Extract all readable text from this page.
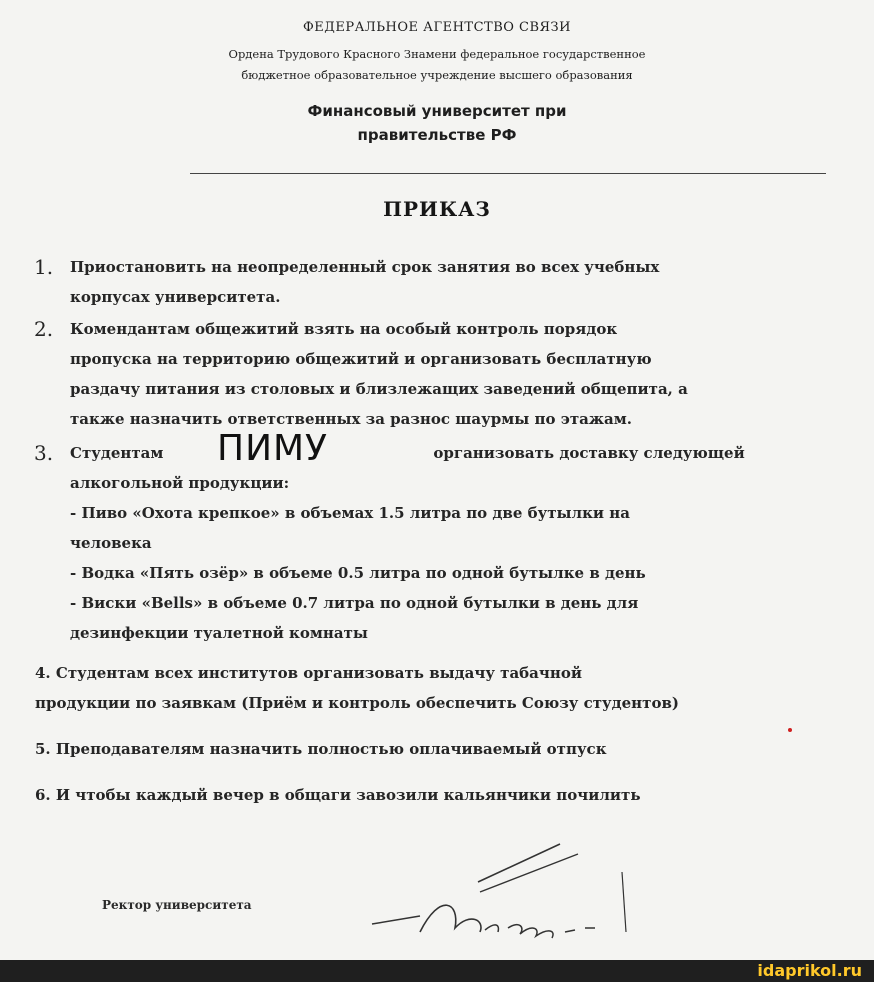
ФЕДЕРАЛЬНОЕ АГЕНТСТВО СВЯЗИ
Ордена Трудового Красного Знамени федеральное государственное
бюджетное образовательное учреждение высшего образования
Финансовый университет при
правительстве РФ
ПРИКАЗ
1. Приостановить на неопределенный срок занятия во всех учебных
корпусах университета.
2. Комендантам общежитий взять на особый контроль порядок
пропуска на территорию общежитий и организовать бесплатную
раздачу питания из столовых и близлежащих заведений общепита, а
также назначить ответственных за разнос шаурмы по этажам.
3. Студентам	организовать доставку следующей
алкогольной продукции:
- Пиво «Охота крепкое» в объемах 1.5 литра по две бутылки на
человека
- Водка «Пять озёр» в объеме 0.5 литра по одной бутылке в день
- Виски «Bells» в объеме 0.7 литра по одной бутылки в день для
дезинфекции туалетной комнаты
ПИМУ
4. Студентам всех институтов организовать выдачу табачной
продукции по заявкам (Приём и контроль обеспечить Союзу студентов)
5. Преподавателям назначить полностью оплачиваемый отпуск
6. И чтобы каждый вечер в общаги завозили кальянчики почилить
Ректор университета
idaprikol.ru
